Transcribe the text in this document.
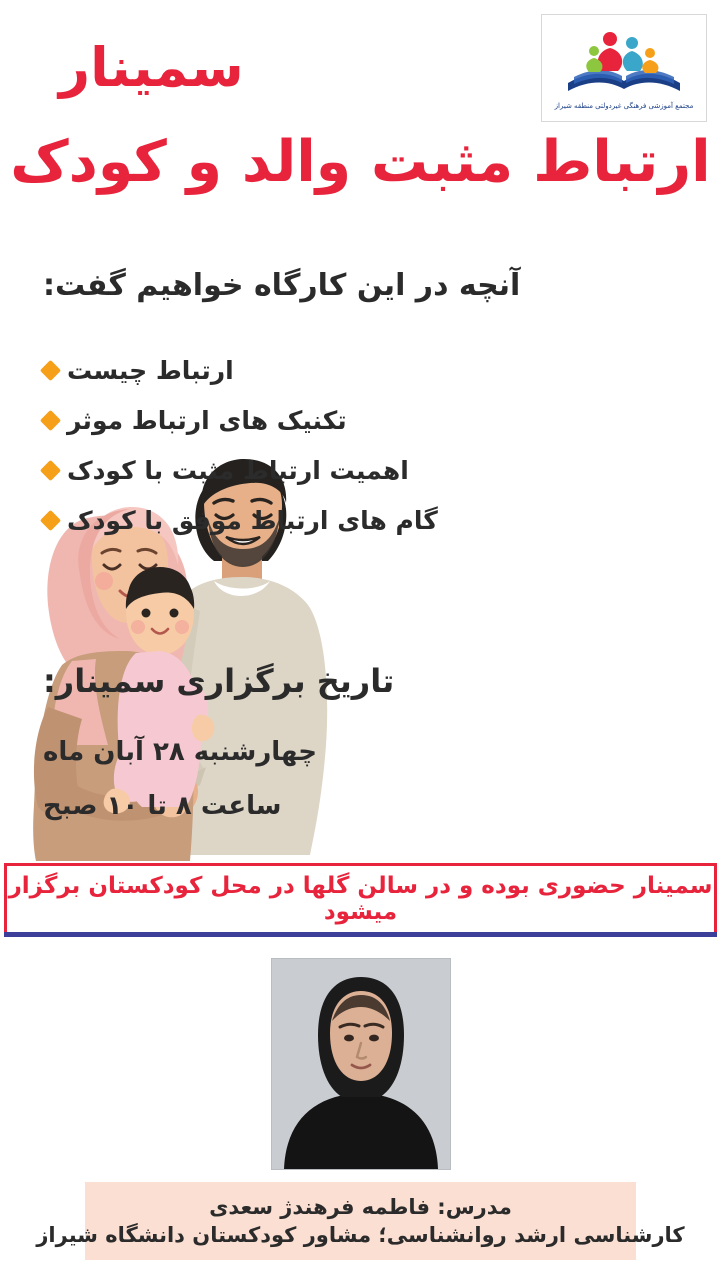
مجتمع آموزشی فرهنگی غیردولتی منطقه شیراز
سمینار
ارتباط مثبت والد و کودک
آنچه در این کارگاه خواهیم گفت:
ارتباط چیست
تکنیک های ارتباط موثر
اهمیت ارتباط مثبت با کودک
گام های ارتباط موفق با کودک
تاریخ برگزاری سمینار:
چهارشنبه ۲۸ آبان ماه
ساعت ۸ تا ۱۰ صبح
سمینار حضوری بوده و در سالن گلها در محل کودکستان برگزار میشود
مدرس: فاطمه فرهندژ سعدی
کارشناسی ارشد روانشناسی؛ مشاور کودکستان دانشگاه شیراز
